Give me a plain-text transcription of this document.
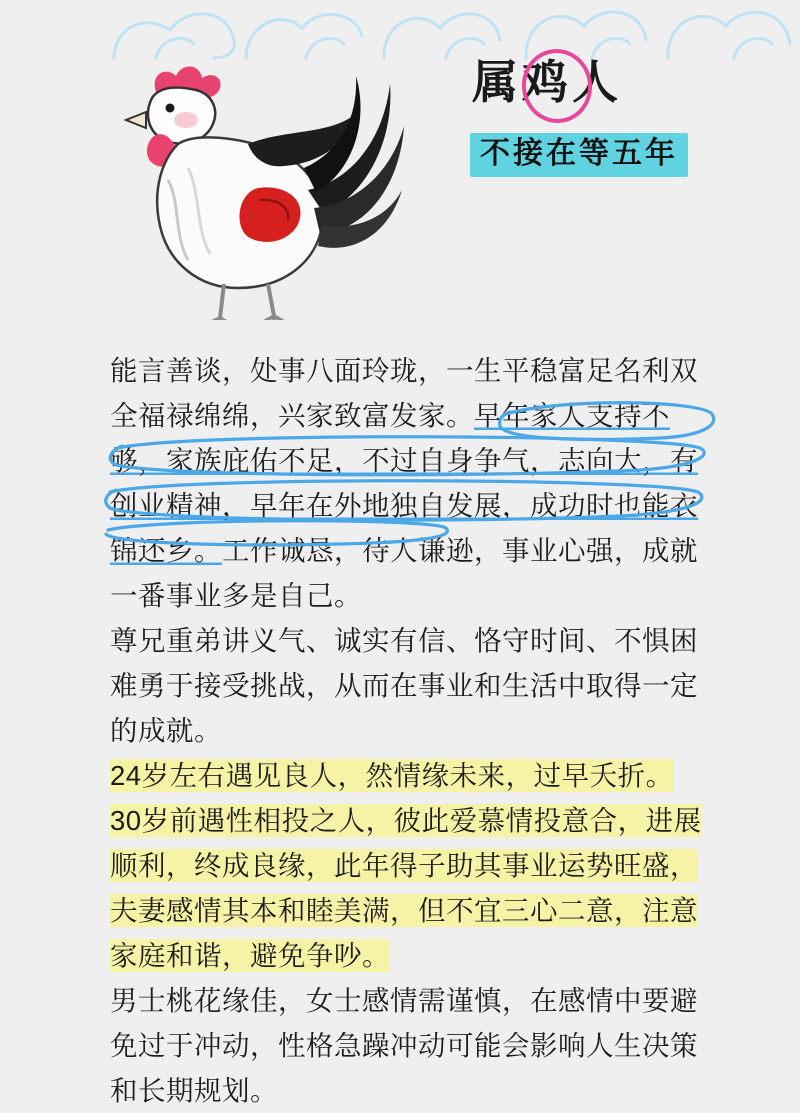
属鸡人
不接在等五年

能言善谈，处事八面玲珑，一生平稳富足名利双全福禄绵绵，兴家致富发家。早年家人支持不够，家族庇佑不足，不过自身争气，志向大，有创业精神，早年在外地独自发展，成功时也能衣锦还乡。工作诚恳，待人谦逊，事业心强，成就一番事业多是自己。

尊兄重弟讲义气、诚实有信、恪守时间、不惧困难勇于接受挑战，从而在事业和生活中取得一定的成就。

24岁左右遇见良人，然情缘未来，过早夭折。30岁前遇性相投之人，彼此爱慕情投意合，进展顺利，终成良缘，此年得子助其事业运势旺盛，夫妻感情其本和睦美满，但不宜三心二意，注意家庭和谐，避免争吵。

男士桃花缘佳，女士感情需谨慎，在感情中要避免过于冲动，性格急躁冲动可能会影响人生决策和长期规划。
